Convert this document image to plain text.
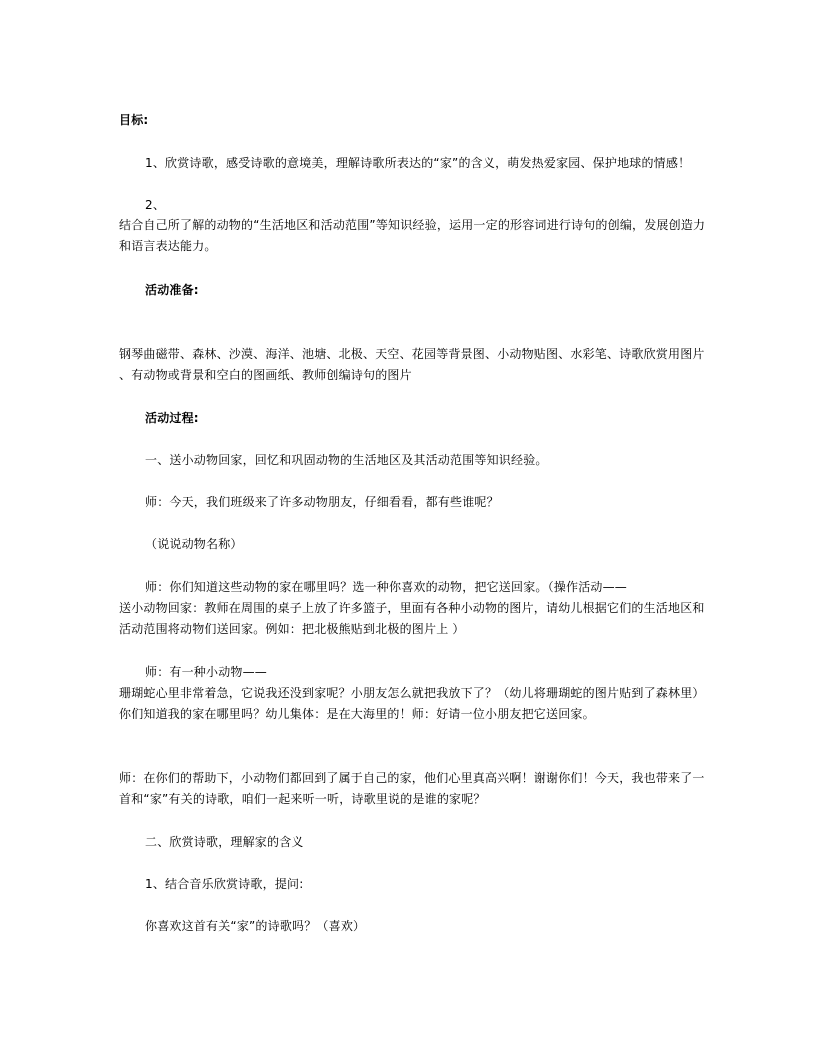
目标:
1、欣赏诗歌，感受诗歌的意境美，理解诗歌所表达的“家”的含义，萌发热爱家园、保护地球的情感！
2、
结合自己所了解的动物的“生活地区和活动范围”等知识经验，运用一定的形容词进行诗句的创编，发展创造力
和语言表达能力。
活动准备:
钢琴曲磁带、森林、沙漠、海洋、池塘、北极、天空、花园等背景图、小动物贴图、水彩笔、诗歌欣赏用图片
、有动物或背景和空白的图画纸、教师创编诗句的图片
活动过程:
一、送小动物回家，回忆和巩固动物的生活地区及其活动范围等知识经验。
师：今天，我们班级来了许多动物朋友，仔细看看，都有些谁呢？
（说说动物名称）
师：你们知道这些动物的家在哪里吗？选一种你喜欢的动物，把它送回家。（操作活动——
送小动物回家：教师在周围的桌子上放了许多篮子，里面有各种小动物的图片，请幼儿根据它们的生活地区和
活动范围将动物们送回家。例如：把北极熊贴到北极的图片上 ）
师：有一种小动物——
珊瑚蛇心里非常着急，它说我还没到家呢？小朋友怎么就把我放下了？（幼儿将珊瑚蛇的图片贴到了森林里）
你们知道我的家在哪里吗？幼儿集体：是在大海里的！师：好请一位小朋友把它送回家。
师：在你们的帮助下，小动物们都回到了属于自己的家，他们心里真高兴啊！谢谢你们！今天，我也带来了一
首和“家”有关的诗歌，咱们一起来听一听，诗歌里说的是谁的家呢？
二、欣赏诗歌，理解家的含义
1、结合音乐欣赏诗歌，提问:
你喜欢这首有关“家”的诗歌吗？（喜欢）
